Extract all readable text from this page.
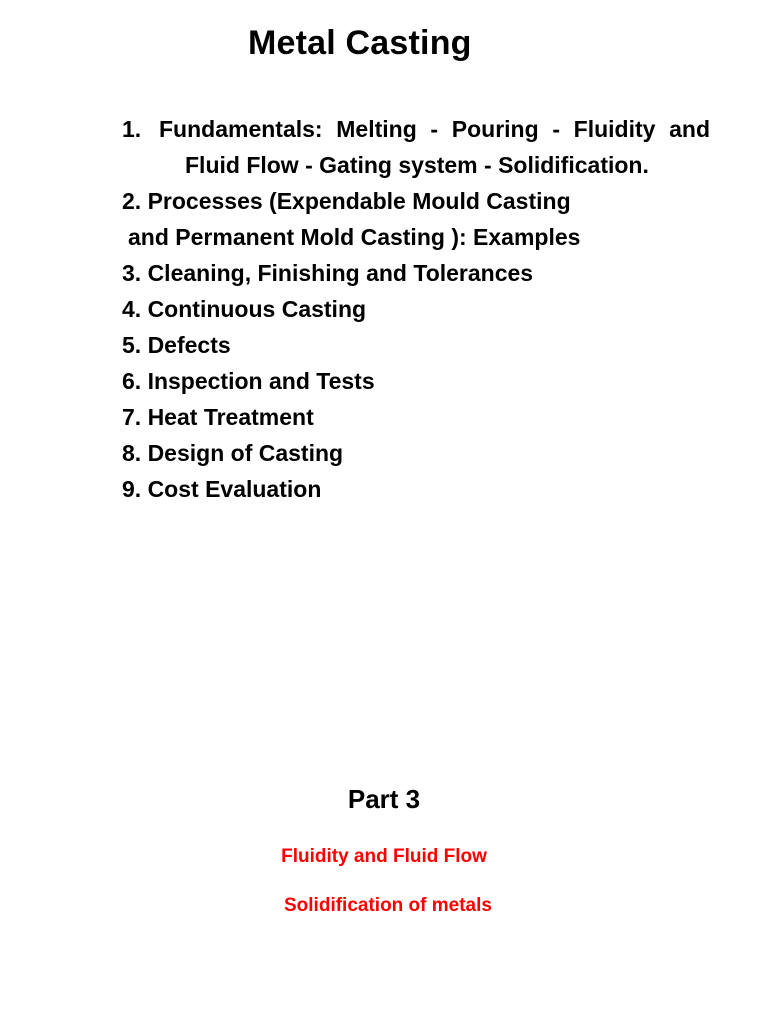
Metal Casting
1. Fundamentals: Melting - Pouring - Fluidity and Fluid Flow - Gating system - Solidification.
2. Processes (Expendable Mould Casting
and Permanent Mold Casting ): Examples
3. Cleaning, Finishing and Tolerances
4. Continuous Casting
5. Defects
6. Inspection and Tests
7. Heat Treatment
8. Design of Casting
9. Cost Evaluation
Part 3
Fluidity and Fluid Flow
Solidification of metals
